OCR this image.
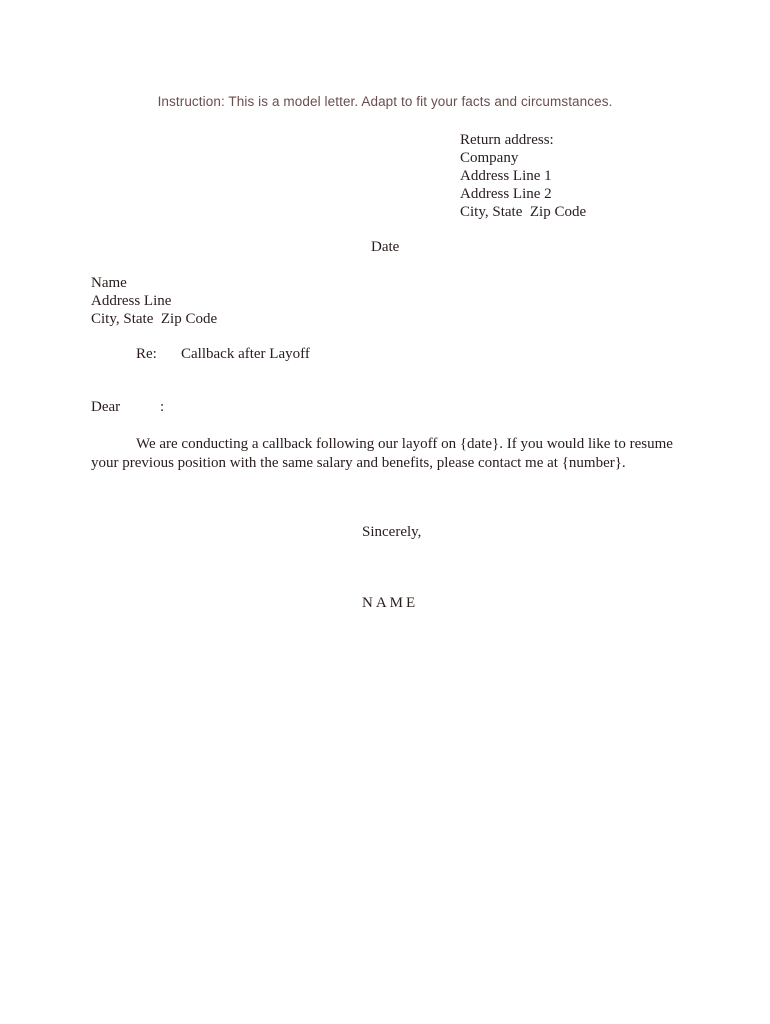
Instruction: This is a model letter. Adapt to fit your facts and circumstances.
Return address:
Company
Address Line 1
Address Line 2
City, State  Zip Code
Date
Name
Address Line
City, State  Zip Code
Re: Callback after Layoff
Dear	:
We are conducting a callback following our layoff on {date}. If you would like to resume
your previous position with the same salary and benefits, please contact me at {number}.
Sincerely,
NAME
